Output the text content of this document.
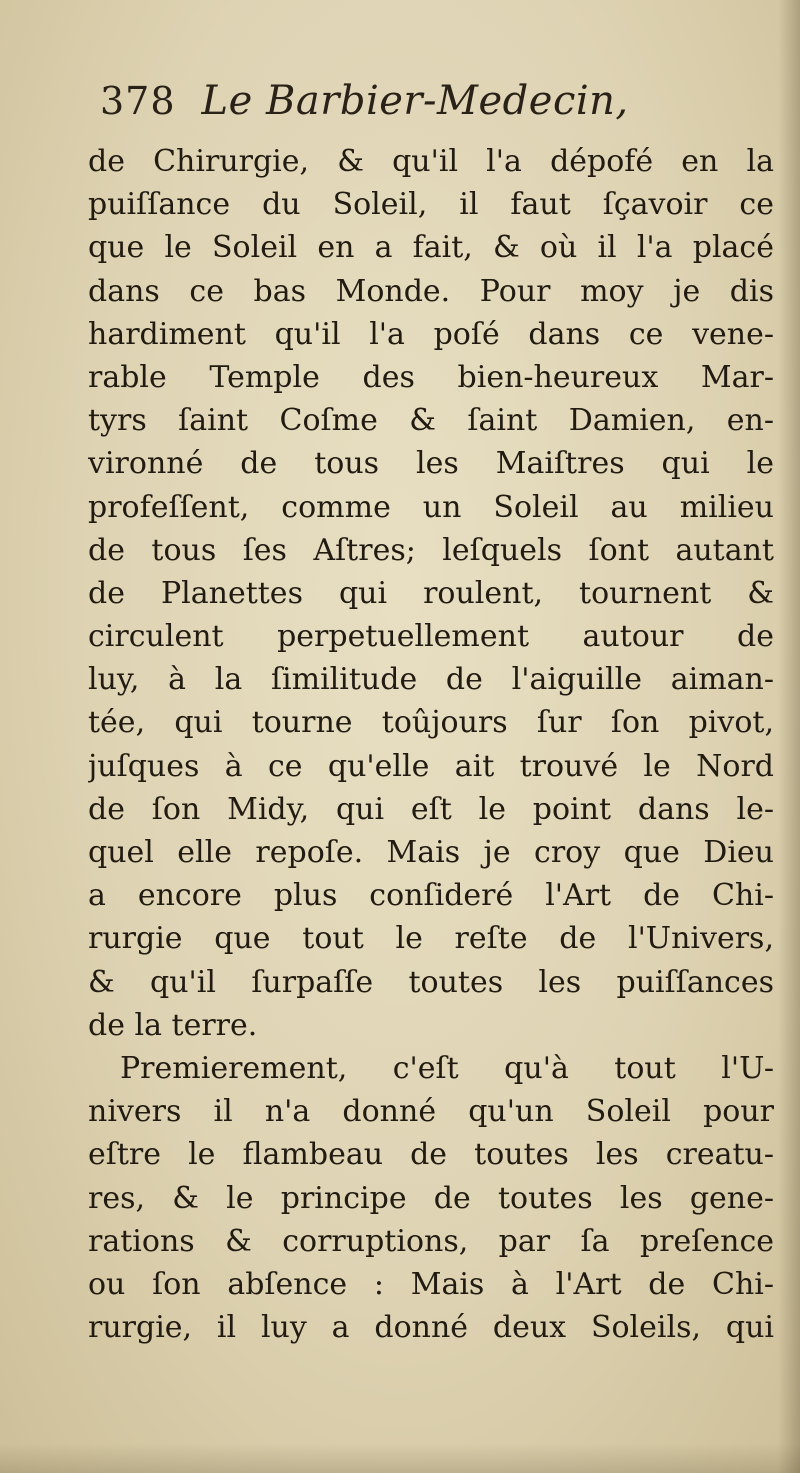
378 Le Barbier-Medecin,
de Chirurgie, & qu'il l'a dépofé en la
puiſſance du Soleil, il faut ſçavoir ce
que le Soleil en a fait, & où il l'a placé
dans ce bas Monde. Pour moy je dis
hardiment qu'il l'a poſé dans ce vene-
rable Temple des bien-heureux Mar-
tyrs ſaint Coſme & ſaint Damien, en-
vironné de tous les Maiſtres qui le
profeſſent, comme un Soleil au milieu
de tous ſes Aſtres; leſquels ſont autant
de Planettes qui roulent, tournent &
circulent perpetuellement autour de
luy, à la ſimilitude de l'aiguille aiman-
tée, qui tourne toûjours ſur ſon pivot,
juſques à ce qu'elle ait trouvé le Nord
de ſon Midy, qui eſt le point dans le-
quel elle repoſe. Mais je croy que Dieu
a encore plus conſideré l'Art de Chi-
rurgie que tout le reſte de l'Univers,
& qu'il ſurpaſſe toutes les puiſſances
de la terre.
Premierement, c'eſt qu'à tout l'U-
nivers il n'a donné qu'un Soleil pour
eſtre le flambeau de toutes les creatu-
res, & le principe de toutes les gene-
rations & corruptions, par ſa preſence
ou ſon abſence : Mais à l'Art de Chi-
rurgie, il luy a donné deux Soleils, qui
